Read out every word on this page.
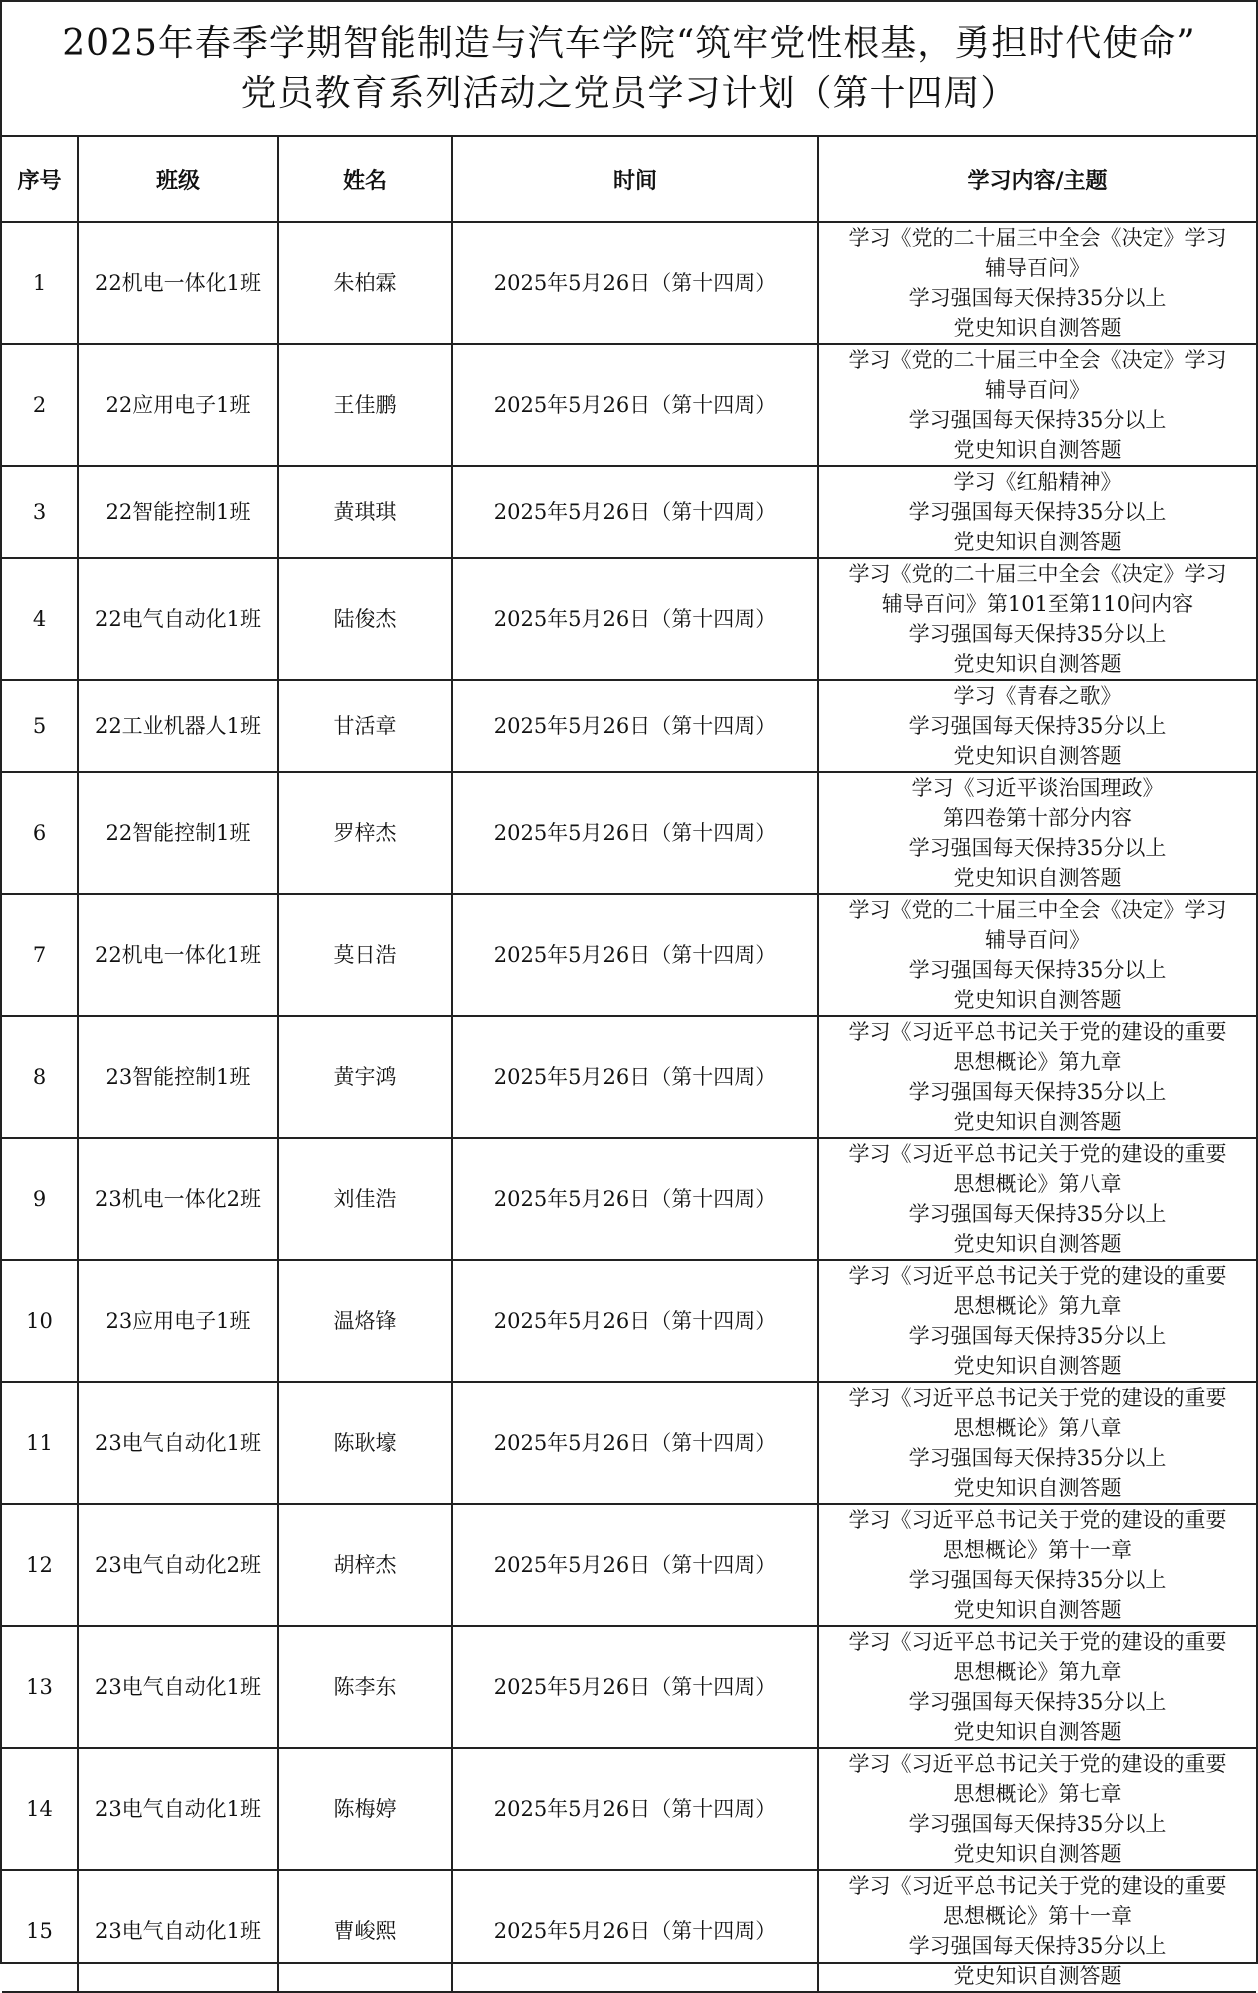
2025年春季学期智能制造与汽车学院“筑牢党性根基，勇担时代使命”
党员教育系列活动之党员学习计划（第十四周）
序号	班级	姓名	时间	学习内容/主题
1	22机电一体化1班	朱柏霖	2025年5月26日（第十四周）	学习《党的二十届三中全会《决定》学习
辅导百问》
学习强国每天保持35分以上
党史知识自测答题

2	22应用电子1班	王佳鹏	2025年5月26日（第十四周）	学习《党的二十届三中全会《决定》学习
辅导百问》
学习强国每天保持35分以上
党史知识自测答题

3	22智能控制1班	黄琪琪	2025年5月26日（第十四周）	学习《红船精神》
学习强国每天保持35分以上
党史知识自测答题

4	22电气自动化1班	陆俊杰	2025年5月26日（第十四周）	学习《党的二十届三中全会《决定》学习
辅导百问》第101至第110问内容
学习强国每天保持35分以上
党史知识自测答题

5	22工业机器人1班	甘活章	2025年5月26日（第十四周）	学习《青春之歌》
学习强国每天保持35分以上
党史知识自测答题

6	22智能控制1班	罗梓杰	2025年5月26日（第十四周）	学习《习近平谈治国理政》
第四卷第十部分内容
学习强国每天保持35分以上
党史知识自测答题

7	22机电一体化1班	莫日浩	2025年5月26日（第十四周）	学习《党的二十届三中全会《决定》学习
辅导百问》
学习强国每天保持35分以上
党史知识自测答题

8	23智能控制1班	黄宇鸿	2025年5月26日（第十四周）	学习《习近平总书记关于党的建设的重要
思想概论》第九章
学习强国每天保持35分以上
党史知识自测答题

9	23机电一体化2班	刘佳浩	2025年5月26日（第十四周）	学习《习近平总书记关于党的建设的重要
思想概论》第八章
学习强国每天保持35分以上
党史知识自测答题

10	23应用电子1班	温烙锋	2025年5月26日（第十四周）	学习《习近平总书记关于党的建设的重要
思想概论》第九章
学习强国每天保持35分以上
党史知识自测答题

11	23电气自动化1班	陈耿壕	2025年5月26日（第十四周）	学习《习近平总书记关于党的建设的重要
思想概论》第八章
学习强国每天保持35分以上
党史知识自测答题

12	23电气自动化2班	胡梓杰	2025年5月26日（第十四周）	学习《习近平总书记关于党的建设的重要
思想概论》第十一章
学习强国每天保持35分以上
党史知识自测答题

13	23电气自动化1班	陈李东	2025年5月26日（第十四周）	学习《习近平总书记关于党的建设的重要
思想概论》第九章
学习强国每天保持35分以上
党史知识自测答题

14	23电气自动化1班	陈梅婷	2025年5月26日（第十四周）	学习《习近平总书记关于党的建设的重要
思想概论》第七章
学习强国每天保持35分以上
党史知识自测答题

15	23电气自动化1班	曹峻熙	2025年5月26日（第十四周）	学习《习近平总书记关于党的建设的重要
思想概论》第十一章
学习强国每天保持35分以上
党史知识自测答题
